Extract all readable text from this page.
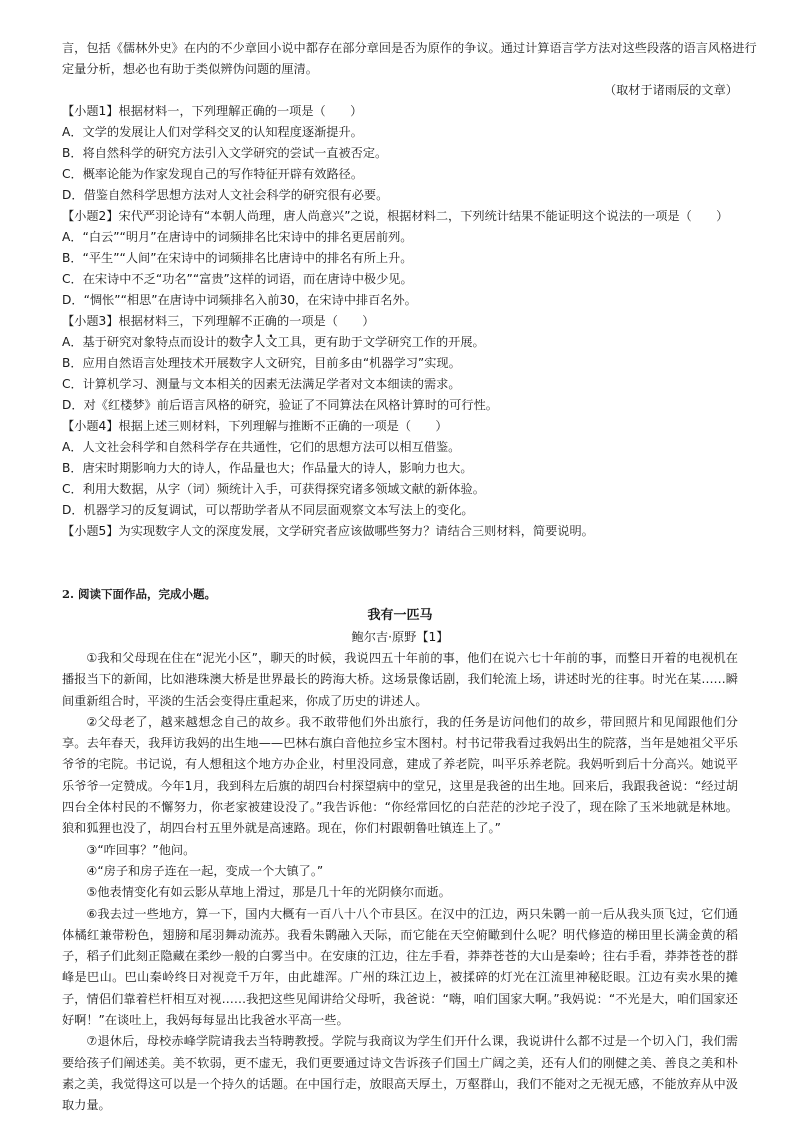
言，包括《儒林外史》在内的不少章回小说中都存在部分章回是否为原作的争议。通过计算语言学方法对这些段落的语言风格进行

定量分析，想必也有助于类似辨伪问题的厘清。

（取材于诸雨辰的文章）

【小题1】根据材料一，下列理解正确的一项是（　　）

A．文学的发展让人们对学科交叉的认知程度逐渐提升。

B．将自然科学的研究方法引入文学研究的尝试一直被否定。

C．概率论能为作家发现自己的写作特征开辟有效路径。

D．借鉴自然科学思想方法对人文社会科学的研究很有必要。

【小题2】宋代严羽论诗有“本朝人尚理，唐人尚意兴”之说，根据材料二，下列统计结果不能证明这个说法的一项是（　　）

A．“白云”“明月”在唐诗中的词频排名比宋诗中的排名更居前列。

B．“平生”“人间”在宋诗中的词频排名比唐诗中的排名有所上升。

C．在宋诗中不乏“功名”“富贵”这样的词语，而在唐诗中极少见。

D．“惆怅”“相思”在唐诗中词频排名入前30，在宋诗中排百名外。

【小题3】根据材料三，下列理解不正确的一项是（　　）

A．基于研究对象特点而设计的数字人文工具，更有助于文学研究工作的开展。

B．应用自然语言处理技术开展数字人文研究，目前多由“机器学习”实现。

C．计算机学习、测量与文本相关的因素无法满足学者对文本细读的需求。

D．对《红楼梦》前后语言风格的研究，验证了不同算法在风格计算时的可行性。

【小题4】根据上述三则材料，下列理解与推断不正确的一项是（　　）

A．人文社会科学和自然科学存在共通性，它们的思想方法可以相互借鉴。

B．唐宋时期影响力大的诗人，作品量也大；作品量大的诗人，影响力也大。

C．利用大数据，从字（词）频统计入手，可获得探究诸多领域文献的新体验。

D．机器学习的反复调试，可以帮助学者从不同层面观察文本写法上的变化。

【小题5】为实现数字人文的深度发展，文学研究者应该做哪些努力？请结合三则材料，简要说明。

2. 阅读下面作品，完成小题。

我有一匹马

鲍尔吉·原野【1】

①我和父母现在住在“泥光小区”，聊天的时候，我说四五十年前的事，他们在说六七十年前的事，而整日开着的电视机在播报当下的新闻，比如港珠澳大桥是世界最长的跨海大桥。这场景像话剧，我们轮流上场，讲述时光的往事。时光在某……瞬间重新组合时，平淡的生活会变得庄重起来，你成了历史的讲述人。

②父母老了，越来越想念自己的故乡。我不敢带他们外出旅行，我的任务是访问他们的故乡，带回照片和见闻跟他们分享。去年春天，我拜访我妈的出生地——巴林右旗白音他拉乡宝木图村。村书记带我看过我妈出生的院落，当年是她祖父平乐爷爷的宅院。书记说，有人想租这个地方办企业，村里没同意，建成了养老院，叫平乐养老院。我妈听到后十分高兴。她说平乐爷爷一定赞成。今年1月，我到科左后旗的胡四台村探望病中的堂兄，这里是我爸的出生地。回来后，我跟我爸说：“经过胡四台全体村民的不懈努力，你老家被建设没了。”我告诉他：“你经常回忆的白茫茫的沙坨子没了，现在除了玉米地就是林地。狼和狐狸也没了，胡四台村五里外就是高速路。现在，你们村跟朝鲁吐镇连上了。”

③“咋回事？”他问。

④“房子和房子连在一起，变成一个大镇了。”

⑤他表情变化有如云影从草地上滑过，那是几十年的光阴倏尔而逝。

⑥我去过一些地方，算一下，国内大概有一百八十八个市县区。在汉中的江边，两只朱鹮一前一后从我头顶飞过，它们通体橘红兼带粉色，翅膀和尾羽舞动流苏。我看朱鹮融入天际，而它能在天空俯瞰到什么呢？明代修造的梯田里长满金黄的稻子，稻子们此刻正隐藏在柔纱一般的白雾当中。在安康的江边，往左手看，莽莽苍苍的大山是秦岭；往右手看，莽莽苍苍的群峰是巴山。巴山秦岭终日对视竞千万年，由此雄浑。广州的珠江边上，被揉碎的灯光在江流里神秘眨眼。江边有卖水果的摊子，情侣们靠着栏杆相互对视……我把这些见闻讲给父母听，我爸说：“嗨，咱们国家大啊。”我妈说：“不光是大，咱们国家还好啊！”在谈吐上，我妈每每显出比我爸水平高一些。

⑦退休后，母校赤峰学院请我去当特聘教授。学院与我商议为学生们开什么课，我说讲什么都不过是一个切入门，我们需要给孩子们阐述美。美不软弱，更不虚无，我们更要通过诗文告诉孩子们国土广阔之美，还有人们的刚健之美、善良之美和朴素之美，我觉得这可以是一个持久的话题。在中国行走，放眼高天厚土，万壑群山，我们不能对之无视无感，不能放弃从中汲取力量。
